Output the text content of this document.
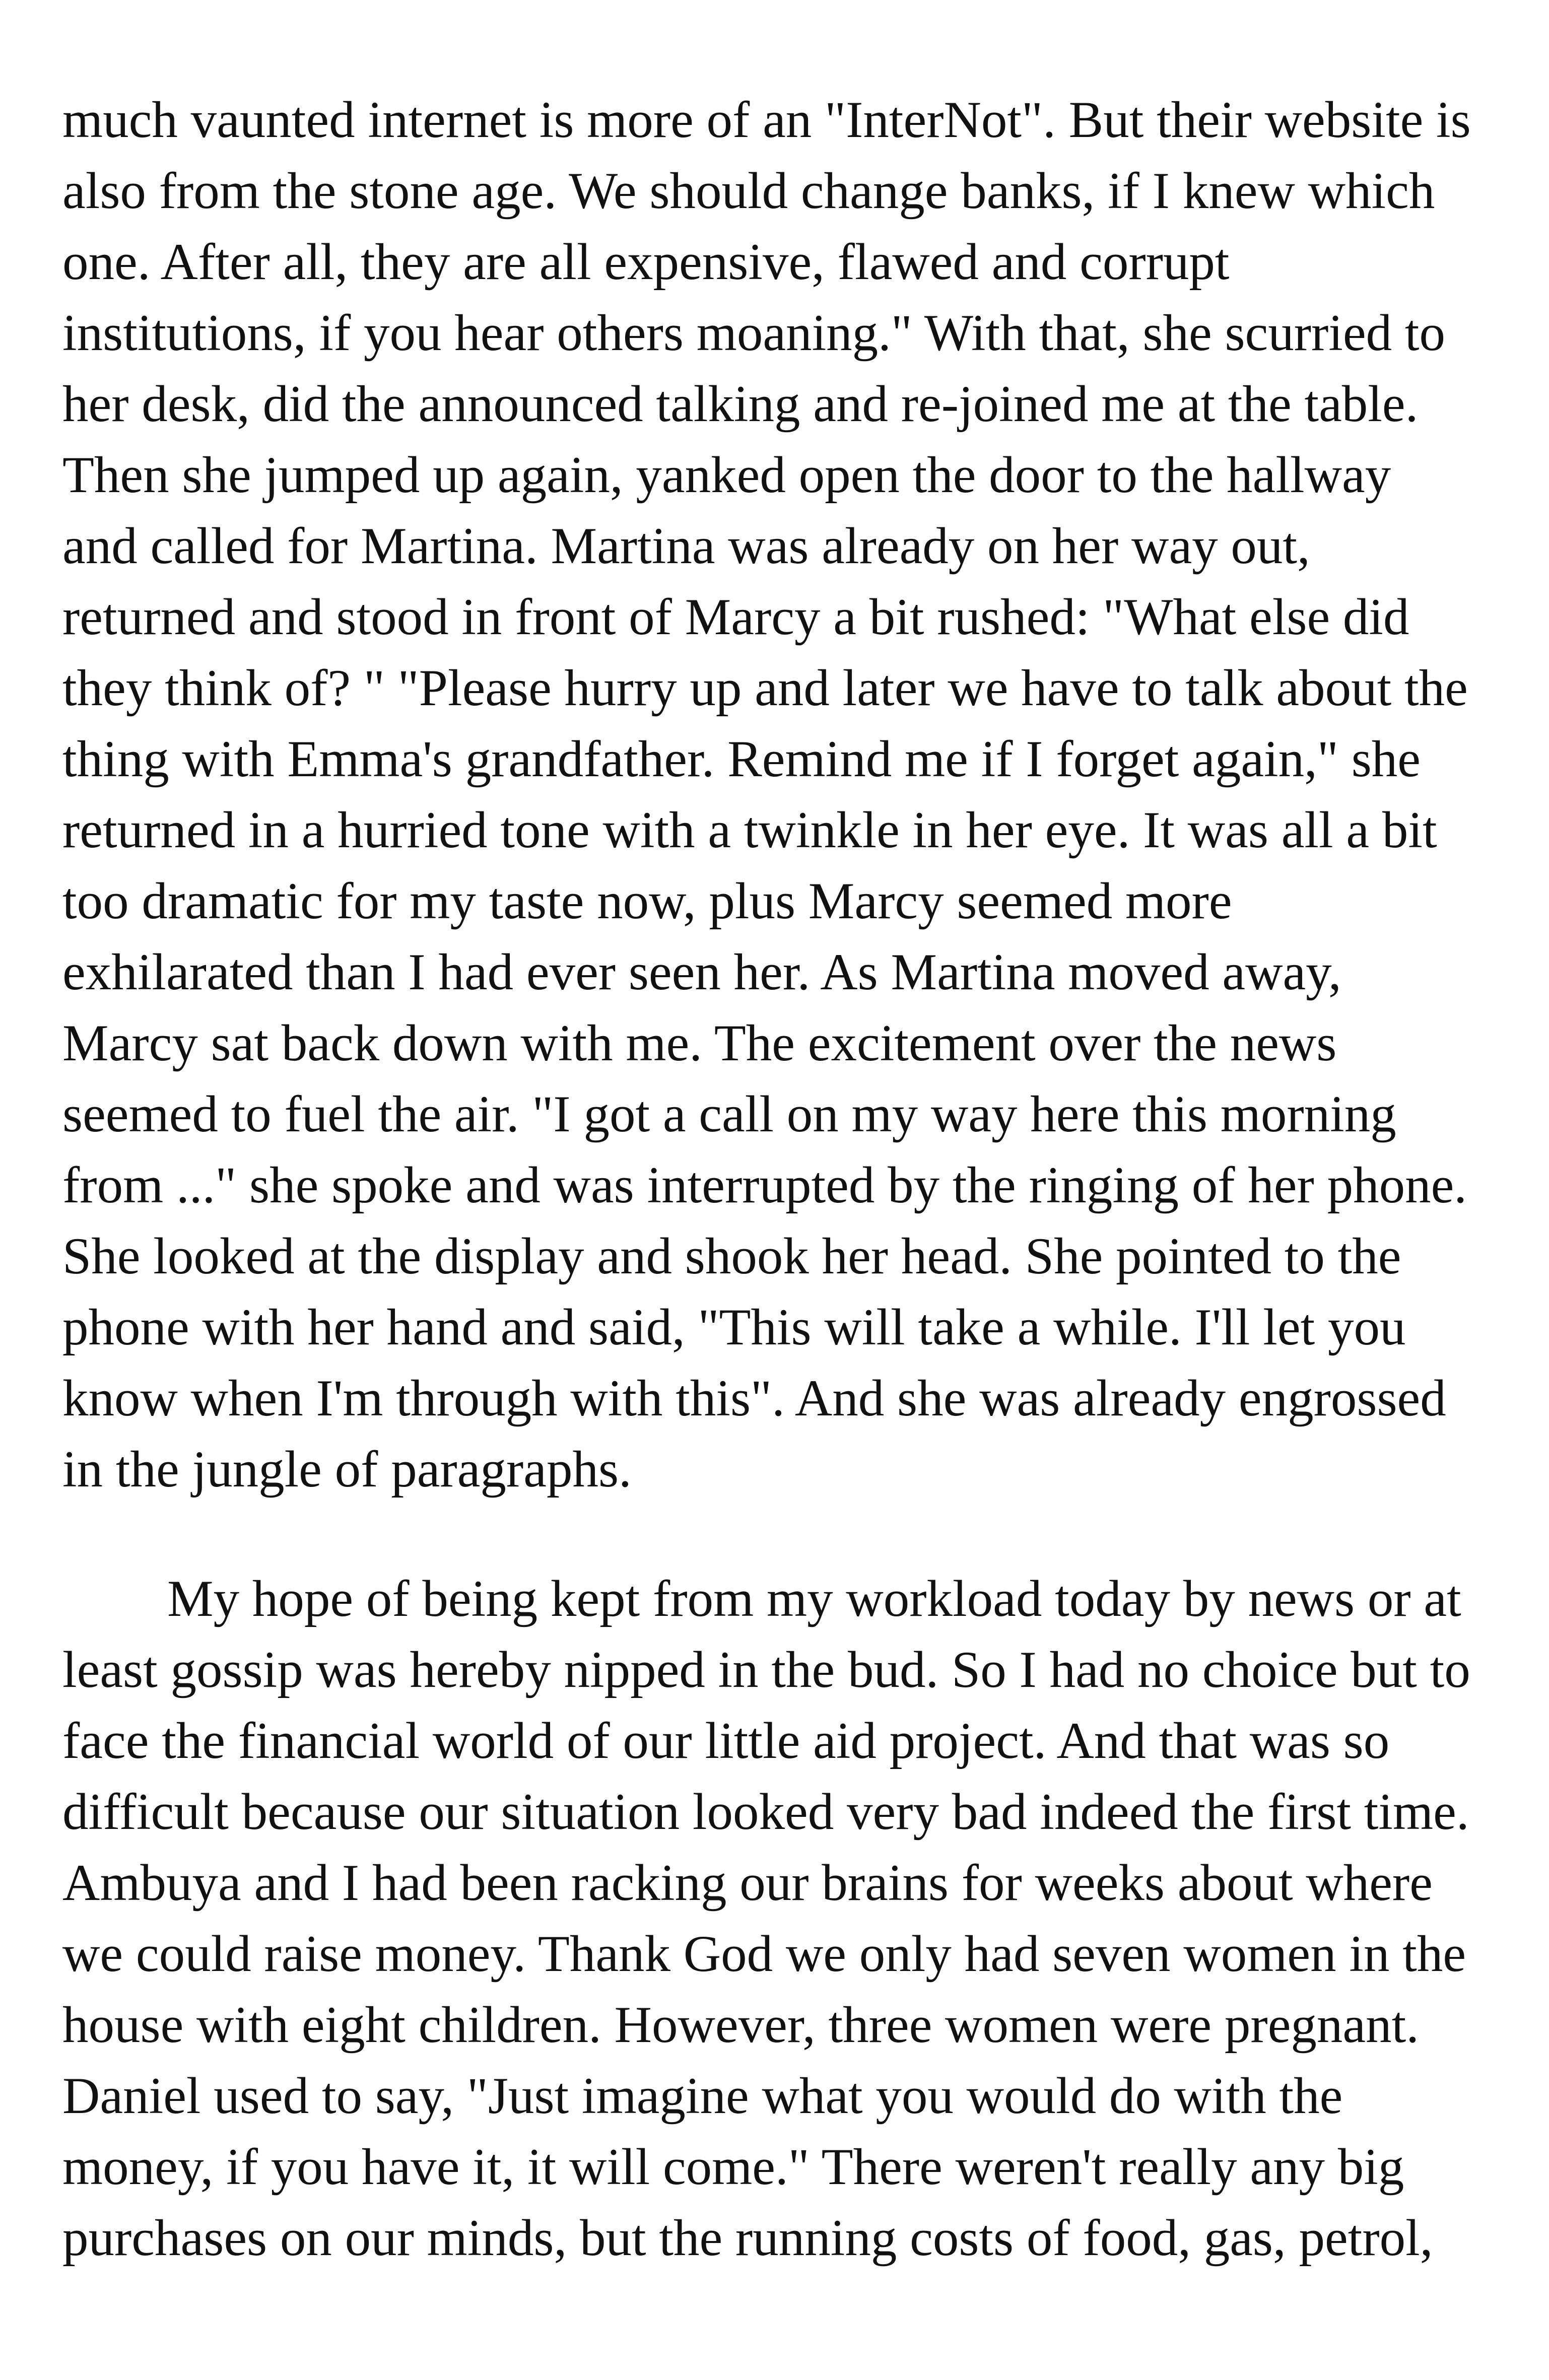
much vaunted internet is more of an "InterNot". But their website is
also from the stone age. We should change banks, if I knew which
one. After all, they are all expensive, flawed and corrupt
institutions, if you hear others moaning." With that, she scurried to
her desk, did the announced talking and re-joined me at the table.
Then she jumped up again, yanked open the door to the hallway
and called for Martina. Martina was already on her way out,
returned and stood in front of Marcy a bit rushed: "What else did
they think of? " "Please hurry up and later we have to talk about the
thing with Emma's grandfather. Remind me if I forget again," she
returned in a hurried tone with a twinkle in her eye. It was all a bit
too dramatic for my taste now, plus Marcy seemed more
exhilarated than I had ever seen her. As Martina moved away,
Marcy sat back down with me. The excitement over the news
seemed to fuel the air. "I got a call on my way here this morning
from ..." she spoke and was interrupted by the ringing of her phone.
She looked at the display and shook her head. She pointed to the
phone with her hand and said, "This will take a while. I'll let you
know when I'm through with this". And she was already engrossed
in the jungle of paragraphs.
My hope of being kept from my workload today by news or at
least gossip was hereby nipped in the bud. So I had no choice but to
face the financial world of our little aid project. And that was so
difficult because our situation looked very bad indeed the first time.
Ambuya and I had been racking our brains for weeks about where
we could raise money. Thank God we only had seven women in the
house with eight children. However, three women were pregnant.
Daniel used to say, "Just imagine what you would do with the
money, if you have it, it will come." There weren't really any big
purchases on our minds, but the running costs of food, gas, petrol,
